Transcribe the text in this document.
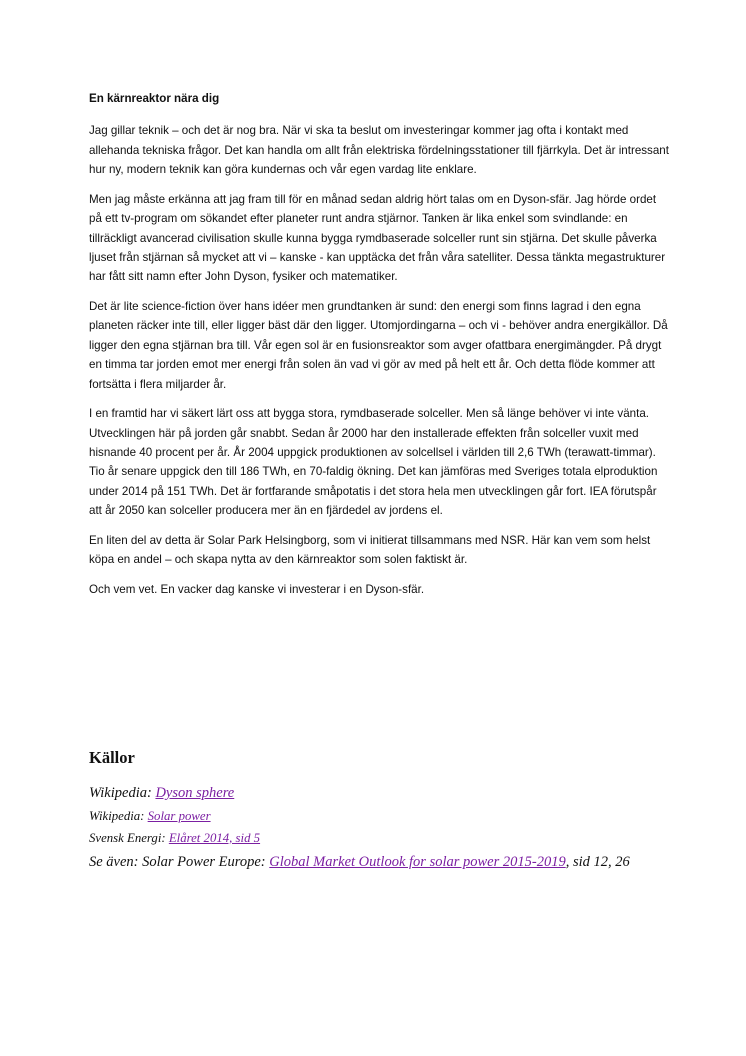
En kärnreaktor nära dig

Jag gillar teknik – och det är nog bra. När vi ska ta beslut om investeringar kommer jag ofta i kontakt med allehanda tekniska frågor. Det kan handla om allt från elektriska fördelningsstationer till fjärrkyla. Det är intressant hur ny, modern teknik kan göra kundernas och vår egen vardag lite enklare.

Men jag måste erkänna att jag fram till för en månad sedan aldrig hört talas om en Dyson-sfär. Jag hörde ordet på ett tv-program om sökandet efter planeter runt andra stjärnor. Tanken är lika enkel som svindlande: en tillräckligt avancerad civilisation skulle kunna bygga rymdbaserade solceller runt sin stjärna. Det skulle påverka ljuset från stjärnan så mycket att vi – kanske - kan upptäcka det från våra satelliter. Dessa tänkta megastrukturer har fått sitt namn efter John Dyson, fysiker och matematiker.

Det är lite science-fiction över hans idéer men grundtanken är sund: den energi som finns lagrad i den egna planeten räcker inte till, eller ligger bäst där den ligger. Utomjordingarna – och vi - behöver andra energikällor. Då ligger den egna stjärnan bra till. Vår egen sol är en fusionsreaktor som avger ofattbara energimängder. På drygt en timma tar jorden emot mer energi från solen än vad vi gör av med på helt ett år. Och detta flöde kommer att fortsätta i flera miljarder år.

I en framtid har vi säkert lärt oss att bygga stora, rymdbaserade solceller. Men så länge behöver vi inte vänta. Utvecklingen här på jorden går snabbt. Sedan år 2000 har den installerade effekten från solceller vuxit med hisnande 40 procent per år. År 2004 uppgick produktionen av solcellsel i världen till 2,6 TWh (terawatt-timmar). Tio år senare uppgick den till 186 TWh, en 70-faldig ökning. Det kan jämföras med Sveriges totala elproduktion under 2014 på 151 TWh. Det är fortfarande småpotatis i det stora hela men utvecklingen går fort. IEA förutspår att år 2050 kan solceller producera mer än en fjärdedel av jordens el.

En liten del av detta är Solar Park Helsingborg, som vi initierat tillsammans med NSR. Här kan vem som helst köpa en andel – och skapa nytta av den kärnreaktor som solen faktiskt är.

Och vem vet. En vacker dag kanske vi investerar i en Dyson-sfär.

Källor

Wikipedia: Dyson sphere

Wikipedia: Solar power

Svensk Energi: Elåret 2014, sid 5

Se även: Solar Power Europe: Global Market Outlook for solar power 2015-2019, sid 12, 26
